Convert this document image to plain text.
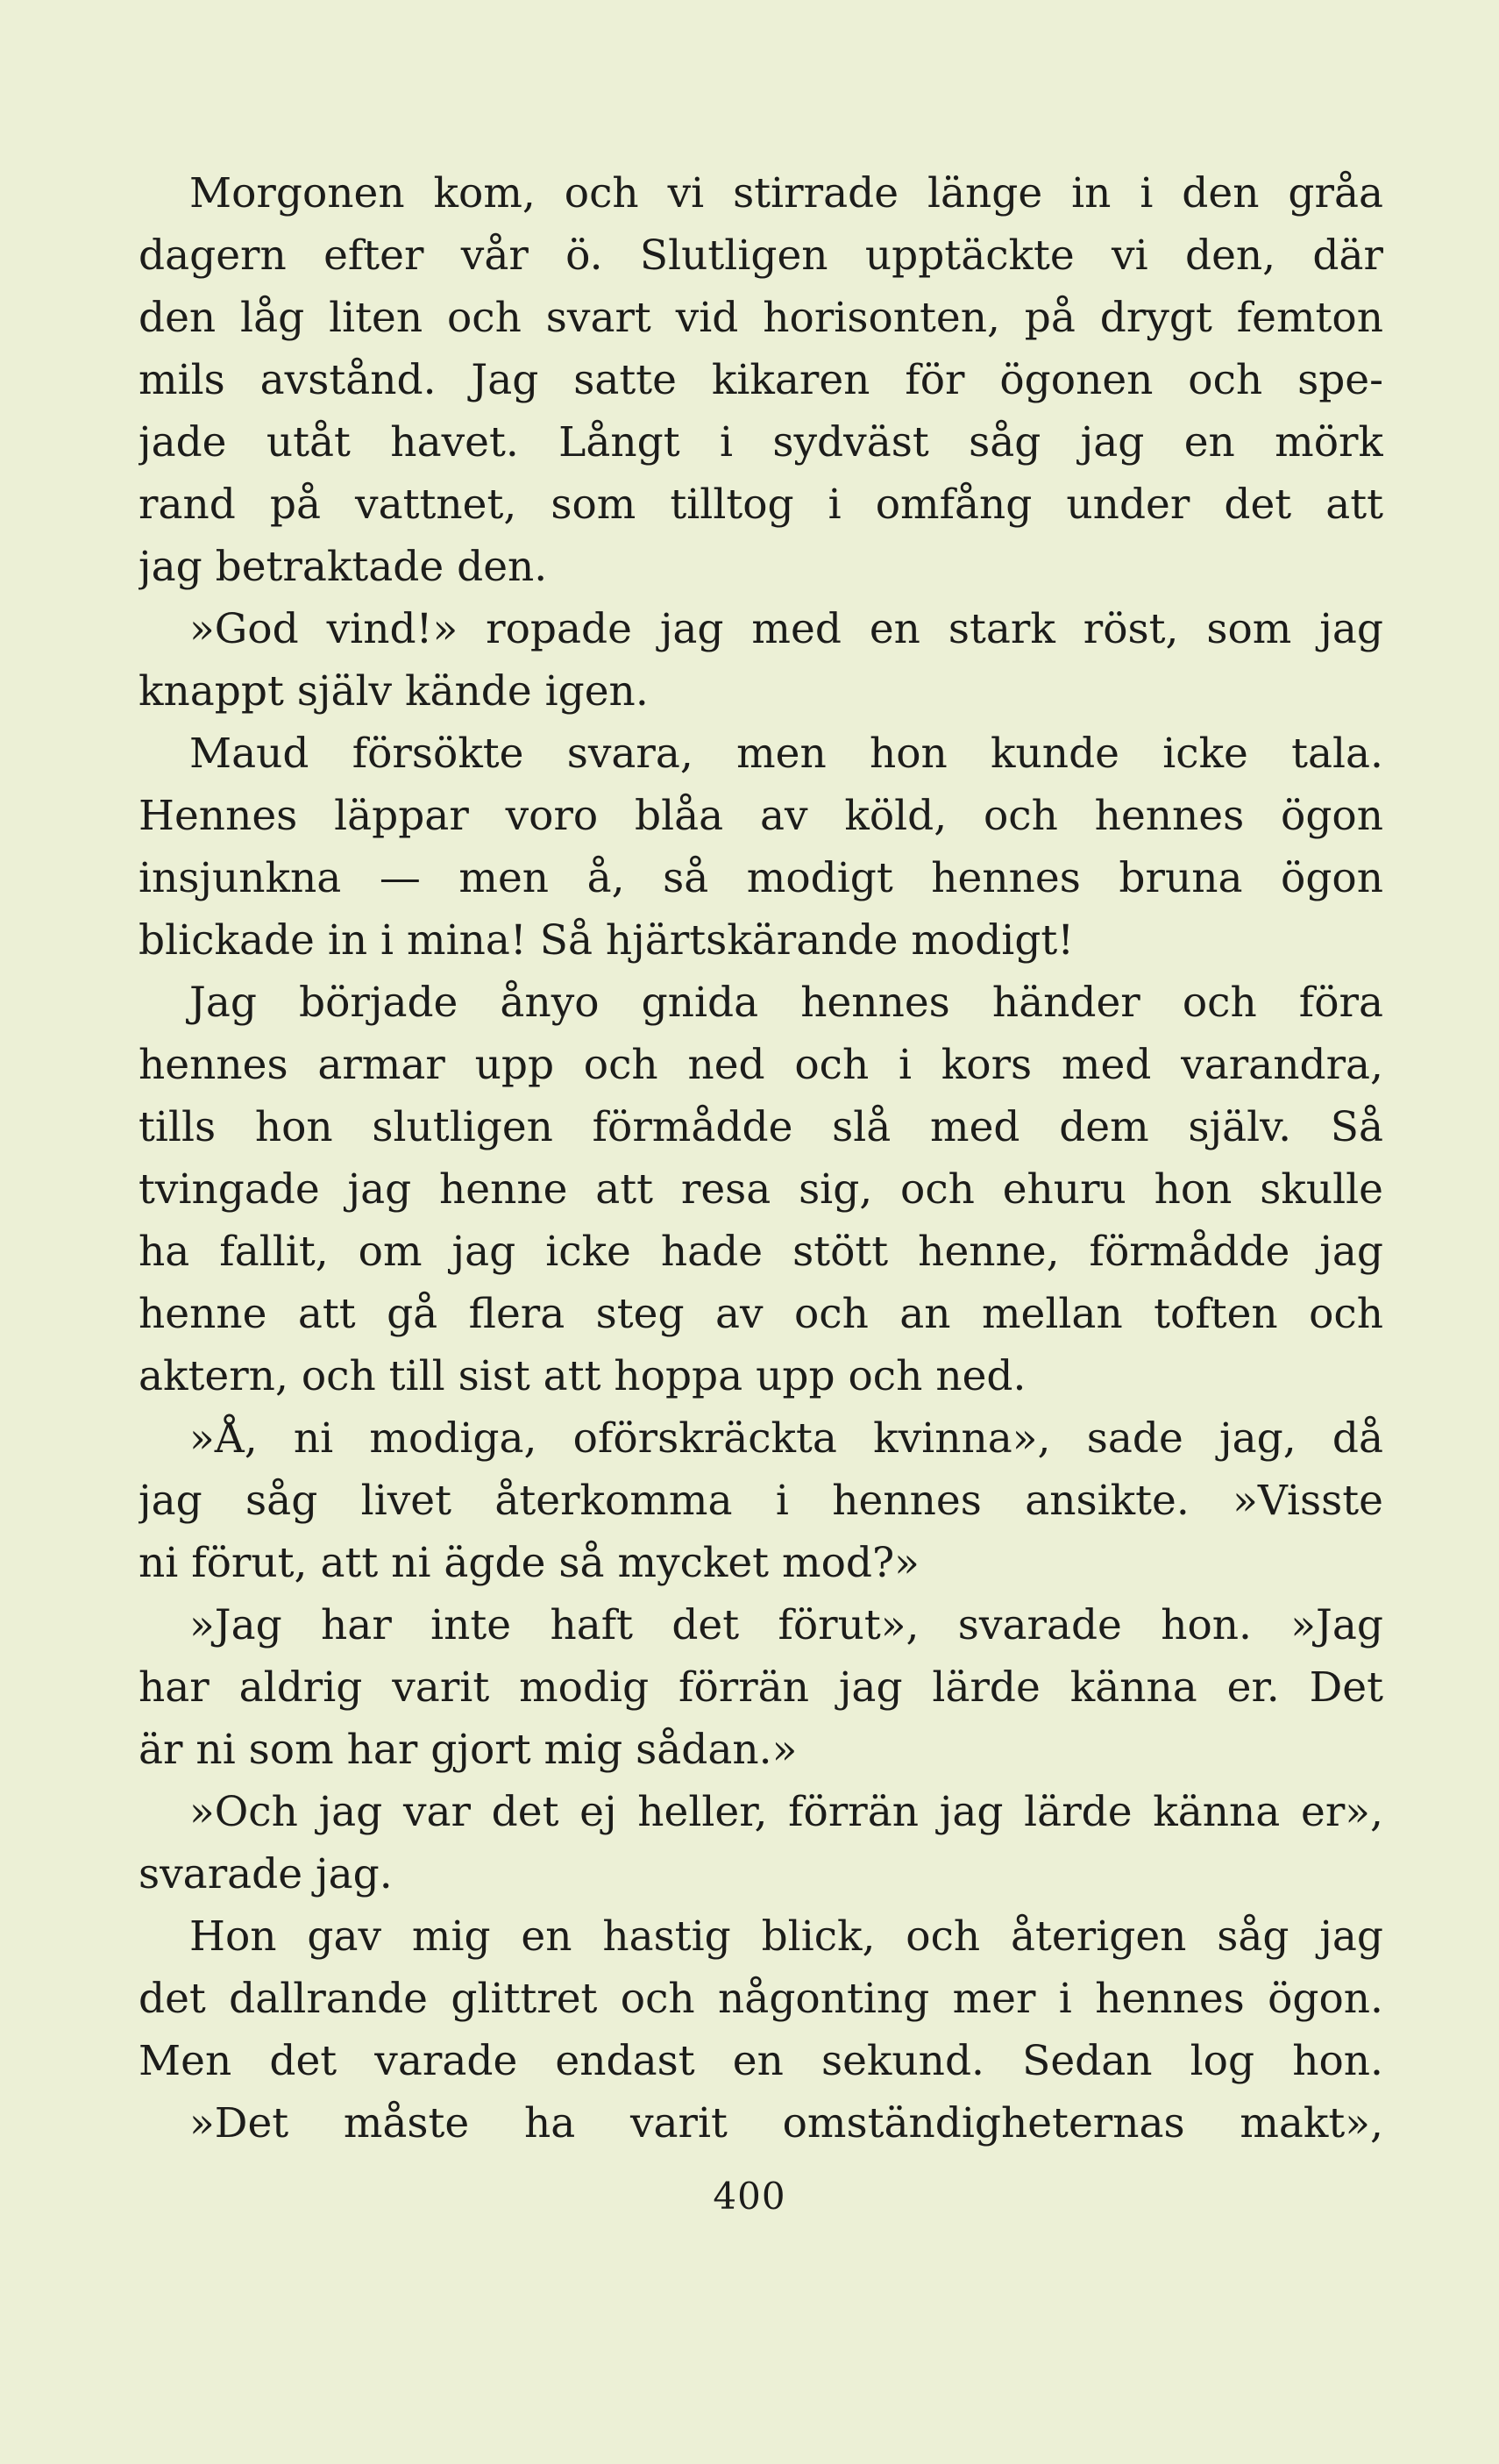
Morgonen kom, och vi stirrade länge in i den gråa
dagern efter vår ö. Slutligen upptäckte vi den, där
den låg liten och svart vid horisonten, på drygt femton
mils avstånd. Jag satte kikaren för ögonen och spe-
jade utåt havet. Långt i sydväst såg jag en mörk
rand på vattnet, som tilltog i omfång under det att
jag betraktade den.
»God vind!» ropade jag med en stark röst, som jag
knappt själv kände igen.
Maud försökte svara, men hon kunde icke tala.
Hennes läppar voro blåa av köld, och hennes ögon
insjunkna — men å, så modigt hennes bruna ögon
blickade in i mina! Så hjärtskärande modigt!
Jag började ånyo gnida hennes händer och föra
hennes armar upp och ned och i kors med varandra,
tills hon slutligen förmådde slå med dem själv. Så
tvingade jag henne att resa sig, och ehuru hon skulle
ha fallit, om jag icke hade stött henne, förmådde jag
henne att gå flera steg av och an mellan toften och
aktern, och till sist att hoppa upp och ned.
»Å, ni modiga, oförskräckta kvinna», sade jag, då
jag såg livet återkomma i hennes ansikte. »Visste
ni förut, att ni ägde så mycket mod?»
»Jag har inte haft det förut», svarade hon. »Jag
har aldrig varit modig förrän jag lärde känna er. Det
är ni som har gjort mig sådan.»
»Och jag var det ej heller, förrän jag lärde känna er»,
svarade jag.
Hon gav mig en hastig blick, och återigen såg jag
det dallrande glittret och någonting mer i hennes ögon.
Men det varade endast en sekund. Sedan log hon.
»Det måste ha varit omständigheternas makt»,
400
